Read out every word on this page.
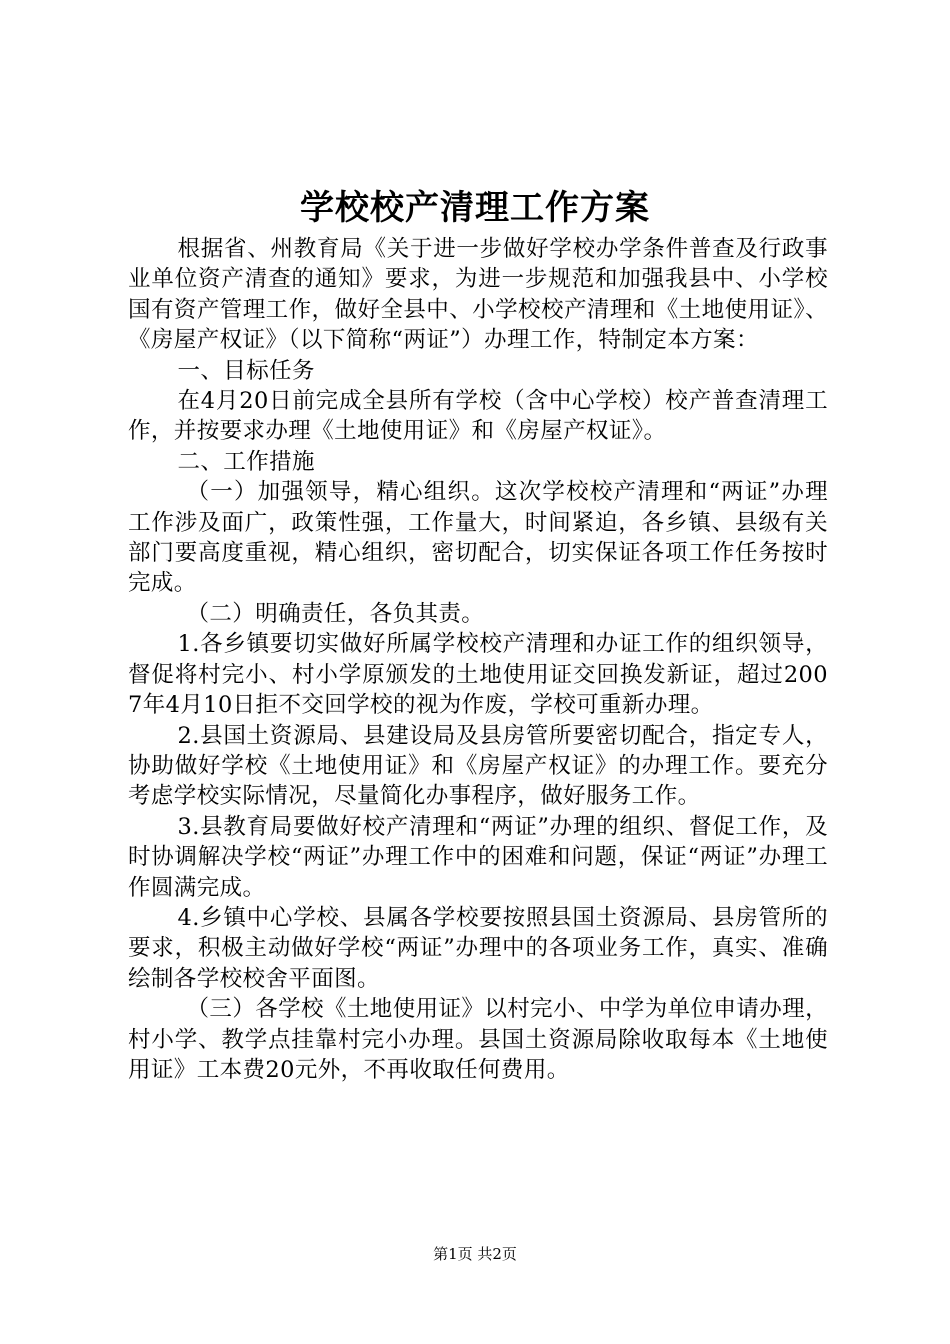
学校校产清理工作方案

根据省、州教育局《关于进一步做好学校办学条件普查及行政事业单位资产清查的通知》要求，为进一步规范和加强我县中、小学校国有资产管理工作，做好全县中、小学校校产清理和《土地使用证》、《房屋产权证》（以下简称“两证”）办理工作，特制定本方案：

一、目标任务

在4月20日前完成全县所有学校（含中心学校）校产普查清理工作，并按要求办理《土地使用证》和《房屋产权证》。

二、工作措施

（一）加强领导，精心组织。这次学校校产清理和“两证”办理工作涉及面广，政策性强，工作量大，时间紧迫，各乡镇、县级有关部门要高度重视，精心组织，密切配合，切实保证各项工作任务按时完成。

（二）明确责任，各负其责。

1.各乡镇要切实做好所属学校校产清理和办证工作的组织领导，督促将村完小、村小学原颁发的土地使用证交回换发新证，超过2007年4月10日拒不交回学校的视为作废，学校可重新办理。

2.县国土资源局、县建设局及县房管所要密切配合，指定专人，协助做好学校《土地使用证》和《房屋产权证》的办理工作。要充分考虑学校实际情况，尽量简化办事程序，做好服务工作。

3.县教育局要做好校产清理和“两证”办理的组织、督促工作，及时协调解决学校“两证”办理工作中的困难和问题，保证“两证”办理工作圆满完成。

4.乡镇中心学校、县属各学校要按照县国土资源局、县房管所的要求，积极主动做好学校“两证”办理中的各项业务工作，真实、准确绘制各学校校舍平面图。

（三）各学校《土地使用证》以村完小、中学为单位申请办理，村小学、教学点挂靠村完小办理。县国土资源局除收取每本《土地使用证》工本费20元外，不再收取任何费用。

第1页 共2页
